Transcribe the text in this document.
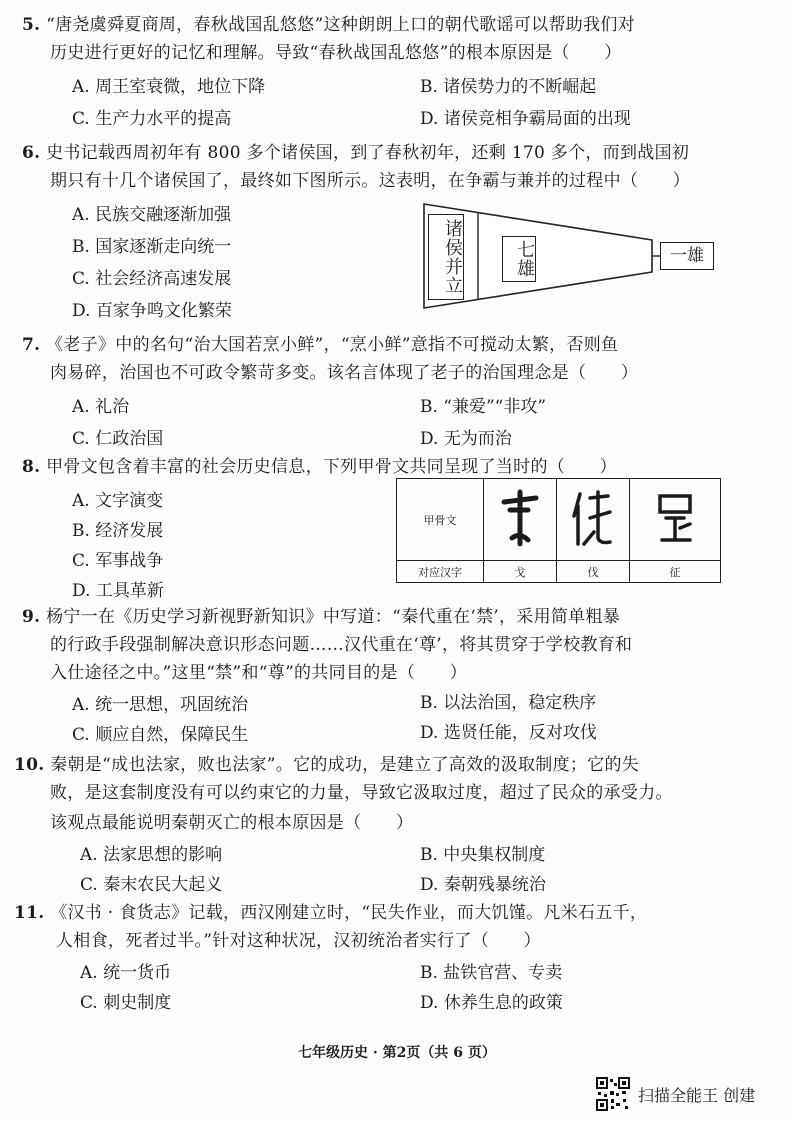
5. “唐尧虞舜夏商周，春秋战国乱悠悠”这种朗朗上口的朝代歌谣可以帮助我们对
历史进行更好的记忆和理解。导致“春秋战国乱悠悠”的根本原因是（　　）
A. 周王室衰微，地位下降	B. 诸侯势力的不断崛起
C. 生产力水平的提高	D. 诸侯竞相争霸局面的出现
6. 史书记载西周初年有 800 多个诸侯国，到了春秋初年，还剩 170 多个，而到战国初
期只有十几个诸侯国了，最终如下图所示。这表明，在争霸与兼并的过程中（　　）
A. 民族交融逐渐加强
B. 国家逐渐走向统一
C. 社会经济高速发展
D. 百家争鸣文化繁荣
诸侯并立	七雄	一雄
7. 《老子》中的名句“治大国若烹小鲜”，“烹小鲜”意指不可搅动太繁，否则鱼
肉易碎，治国也不可政令繁苛多变。该名言体现了老子的治国理念是（　　）
A. 礼治	B. “兼爱”“非攻”
C. 仁政治国	D. 无为而治
8. 甲骨文包含着丰富的社会历史信息，下列甲骨文共同呈现了当时的（　　）
A. 文字演变
B. 经济发展
C. 军事战争
D. 工具革新
甲骨文			
对应汉字	戈	伐	征
9. 杨宁一在《历史学习新视野新知识》中写道：“秦代重在‘禁’，采用简单粗暴
的行政手段强制解决意识形态问题……汉代重在‘尊’，将其贯穿于学校教育和
入仕途径之中。”这里“禁”和“尊”的共同目的是（　　）
A. 统一思想，巩固统治	B. 以法治国，稳定秩序
C. 顺应自然，保障民生	D. 选贤任能，反对攻伐
10. 秦朝是“成也法家，败也法家”。它的成功，是建立了高效的汲取制度；它的失
败，是这套制度没有可以约束它的力量，导致它汲取过度，超过了民众的承受力。
该观点最能说明秦朝灭亡的根本原因是（　　）
A. 法家思想的影响	B. 中央集权制度
C. 秦末农民大起义	D. 秦朝残暴统治
11. 《汉书 · 食货志》记载，西汉刚建立时，“民失作业，而大饥馑。凡米石五千，
人相食，死者过半。”针对这种状况，汉初统治者实行了（　　）
A. 统一货币	B. 盐铁官营、专卖
C. 刺史制度	D. 休养生息的政策
七年级历史 · 第2页（共 6 页）
扫描全能王 创建
